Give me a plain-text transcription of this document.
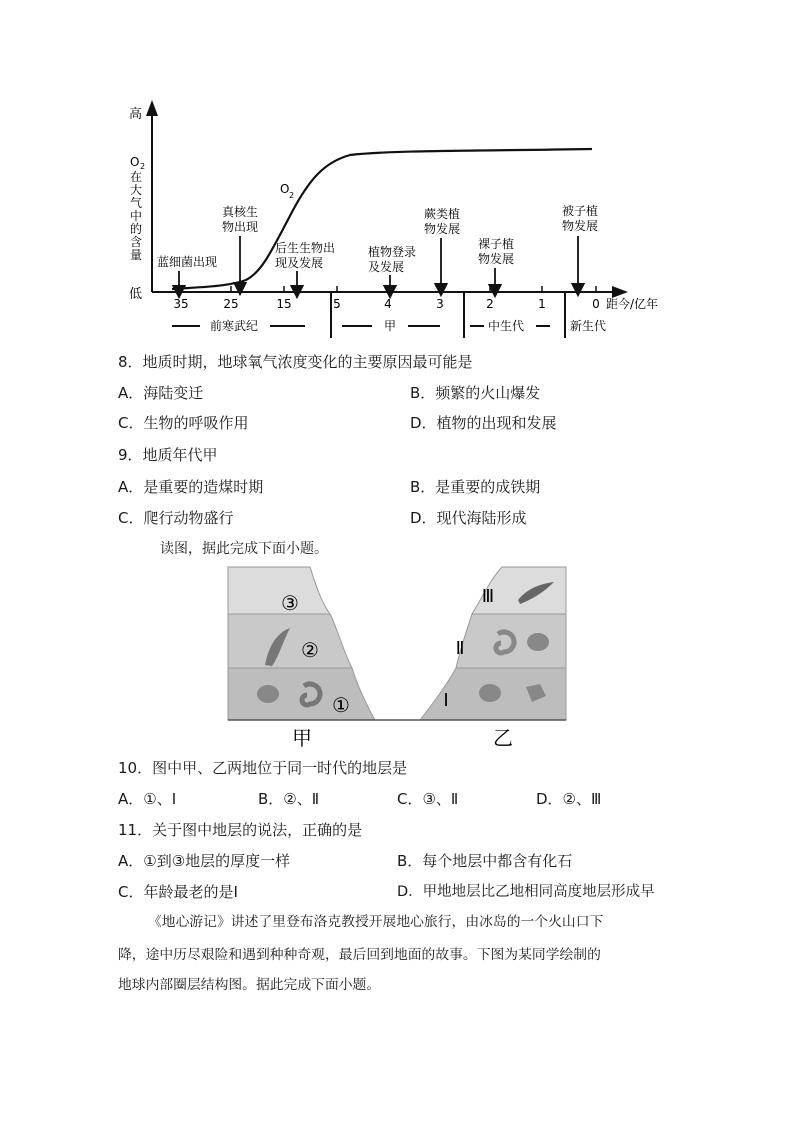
高
低
O 2
在
大
气
中
的
含
量
O 2
35	25	15	5	4	3	2	1	0 距今/亿年
蓝细菌出现
真核生
物出现
后生生物出
现及发展
植物登录
及发展
蕨类植
物发展
裸子植
物发展
被子植
物发展
前寒武纪	甲	中生代	新生代
8．地质时期，地球氧气浓度变化的主要原因最可能是
A．海陆变迁	B．频繁的火山爆发
C．生物的呼吸作用	D．植物的出现和发展
9．地质年代甲
A．是重要的造煤时期	B．是重要的成铁期
C．爬行动物盛行	D．现代海陆形成
读图，据此完成下面小题。
③
②
①
Ⅲ
Ⅱ
Ⅰ
甲	乙
10．图中甲、乙两地位于同一时代的地层是
A．①、Ⅰ	B．②、Ⅱ	C．③、Ⅱ	D．②、Ⅲ
11．关于图中地层的说法，正确的是
A．①到③地层的厚度一样	B．每个地层中都含有化石
C．年龄最老的是Ⅰ	D．甲地地层比乙地相同高度地层形成早
《地心游记》讲述了里登布洛克教授开展地心旅行，由冰岛的一个火山口下
降，途中历尽艰险和遇到种种奇观，最后回到地面的故事。下图为某同学绘制的
地球内部圈层结构图。据此完成下面小题。
